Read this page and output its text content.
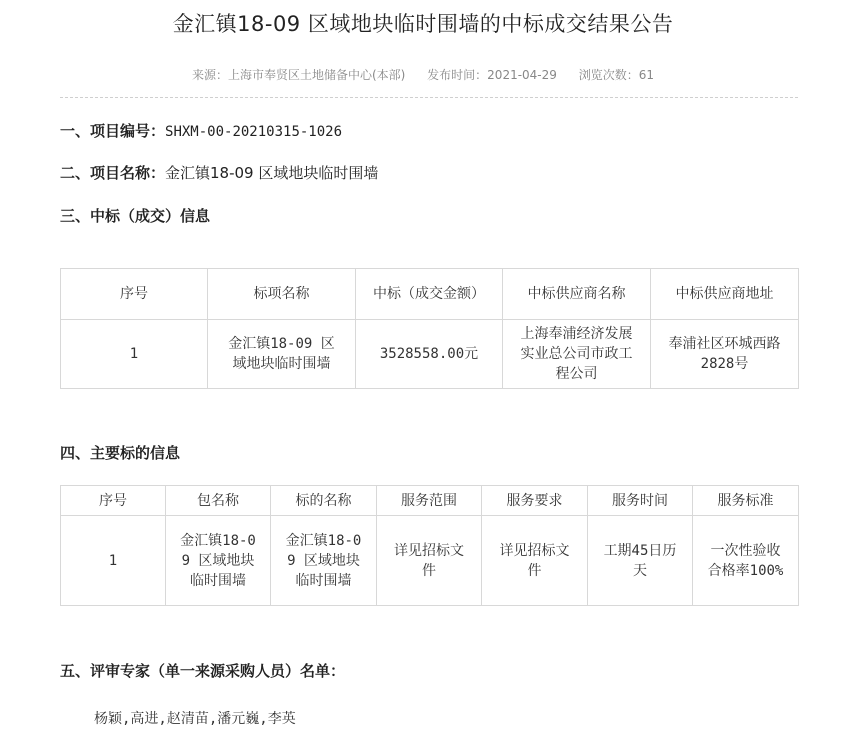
金汇镇18-09 区域地块临时围墙的中标成交结果公告
来源：上海市奉贤区土地储备中心(本部) 发布时间：2021-04-29 浏览次数：61
一、项目编号：SHXM-00-20210315-1026
二、项目名称：金汇镇18-09 区域地块临时围墙
三、中标（成交）信息
序号	标项名称	中标（成交金额）	中标供应商名称	中标供应商地址
1	金汇镇18-09 区域地块临时围墙	3528558.00元	上海奉浦经济发展实业总公司市政工程公司	奉浦社区环城西路2828号
四、主要标的信息
序号	包名称	标的名称	服务范围	服务要求	服务时间	服务标准
1	金汇镇18-09 区域地块临时围墙	金汇镇18-09 区域地块临时围墙	详见招标文件	详见招标文件	工期45日历天	一次性验收合格率100%
五、评审专家（单一来源采购人员）名单：
杨颖,高进,赵清苗,潘元巍,李英
